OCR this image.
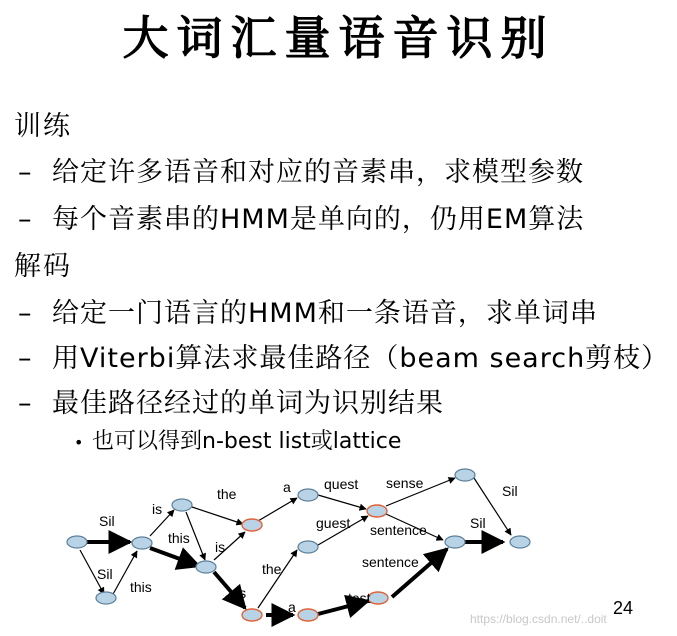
大词汇量语音识别
训练
– 给定许多语音和对应的音素串，求模型参数
– 每个音素串的HMM是单向的，仍用EM算法
解码
– 给定一门语言的HMM和一条语音，求单词串
– 用Viterbi算法求最佳路径（beam search剪枝）
– 最佳路径经过的单词为识别结果
• 也可以得到n-best list或lattice
Sil
Sil
this
is
this
the
is
is
the
a quest
guest
a
test
sense
sentence
sentence
Sil
Sil
24
https://blog.csdn.net/..doit
